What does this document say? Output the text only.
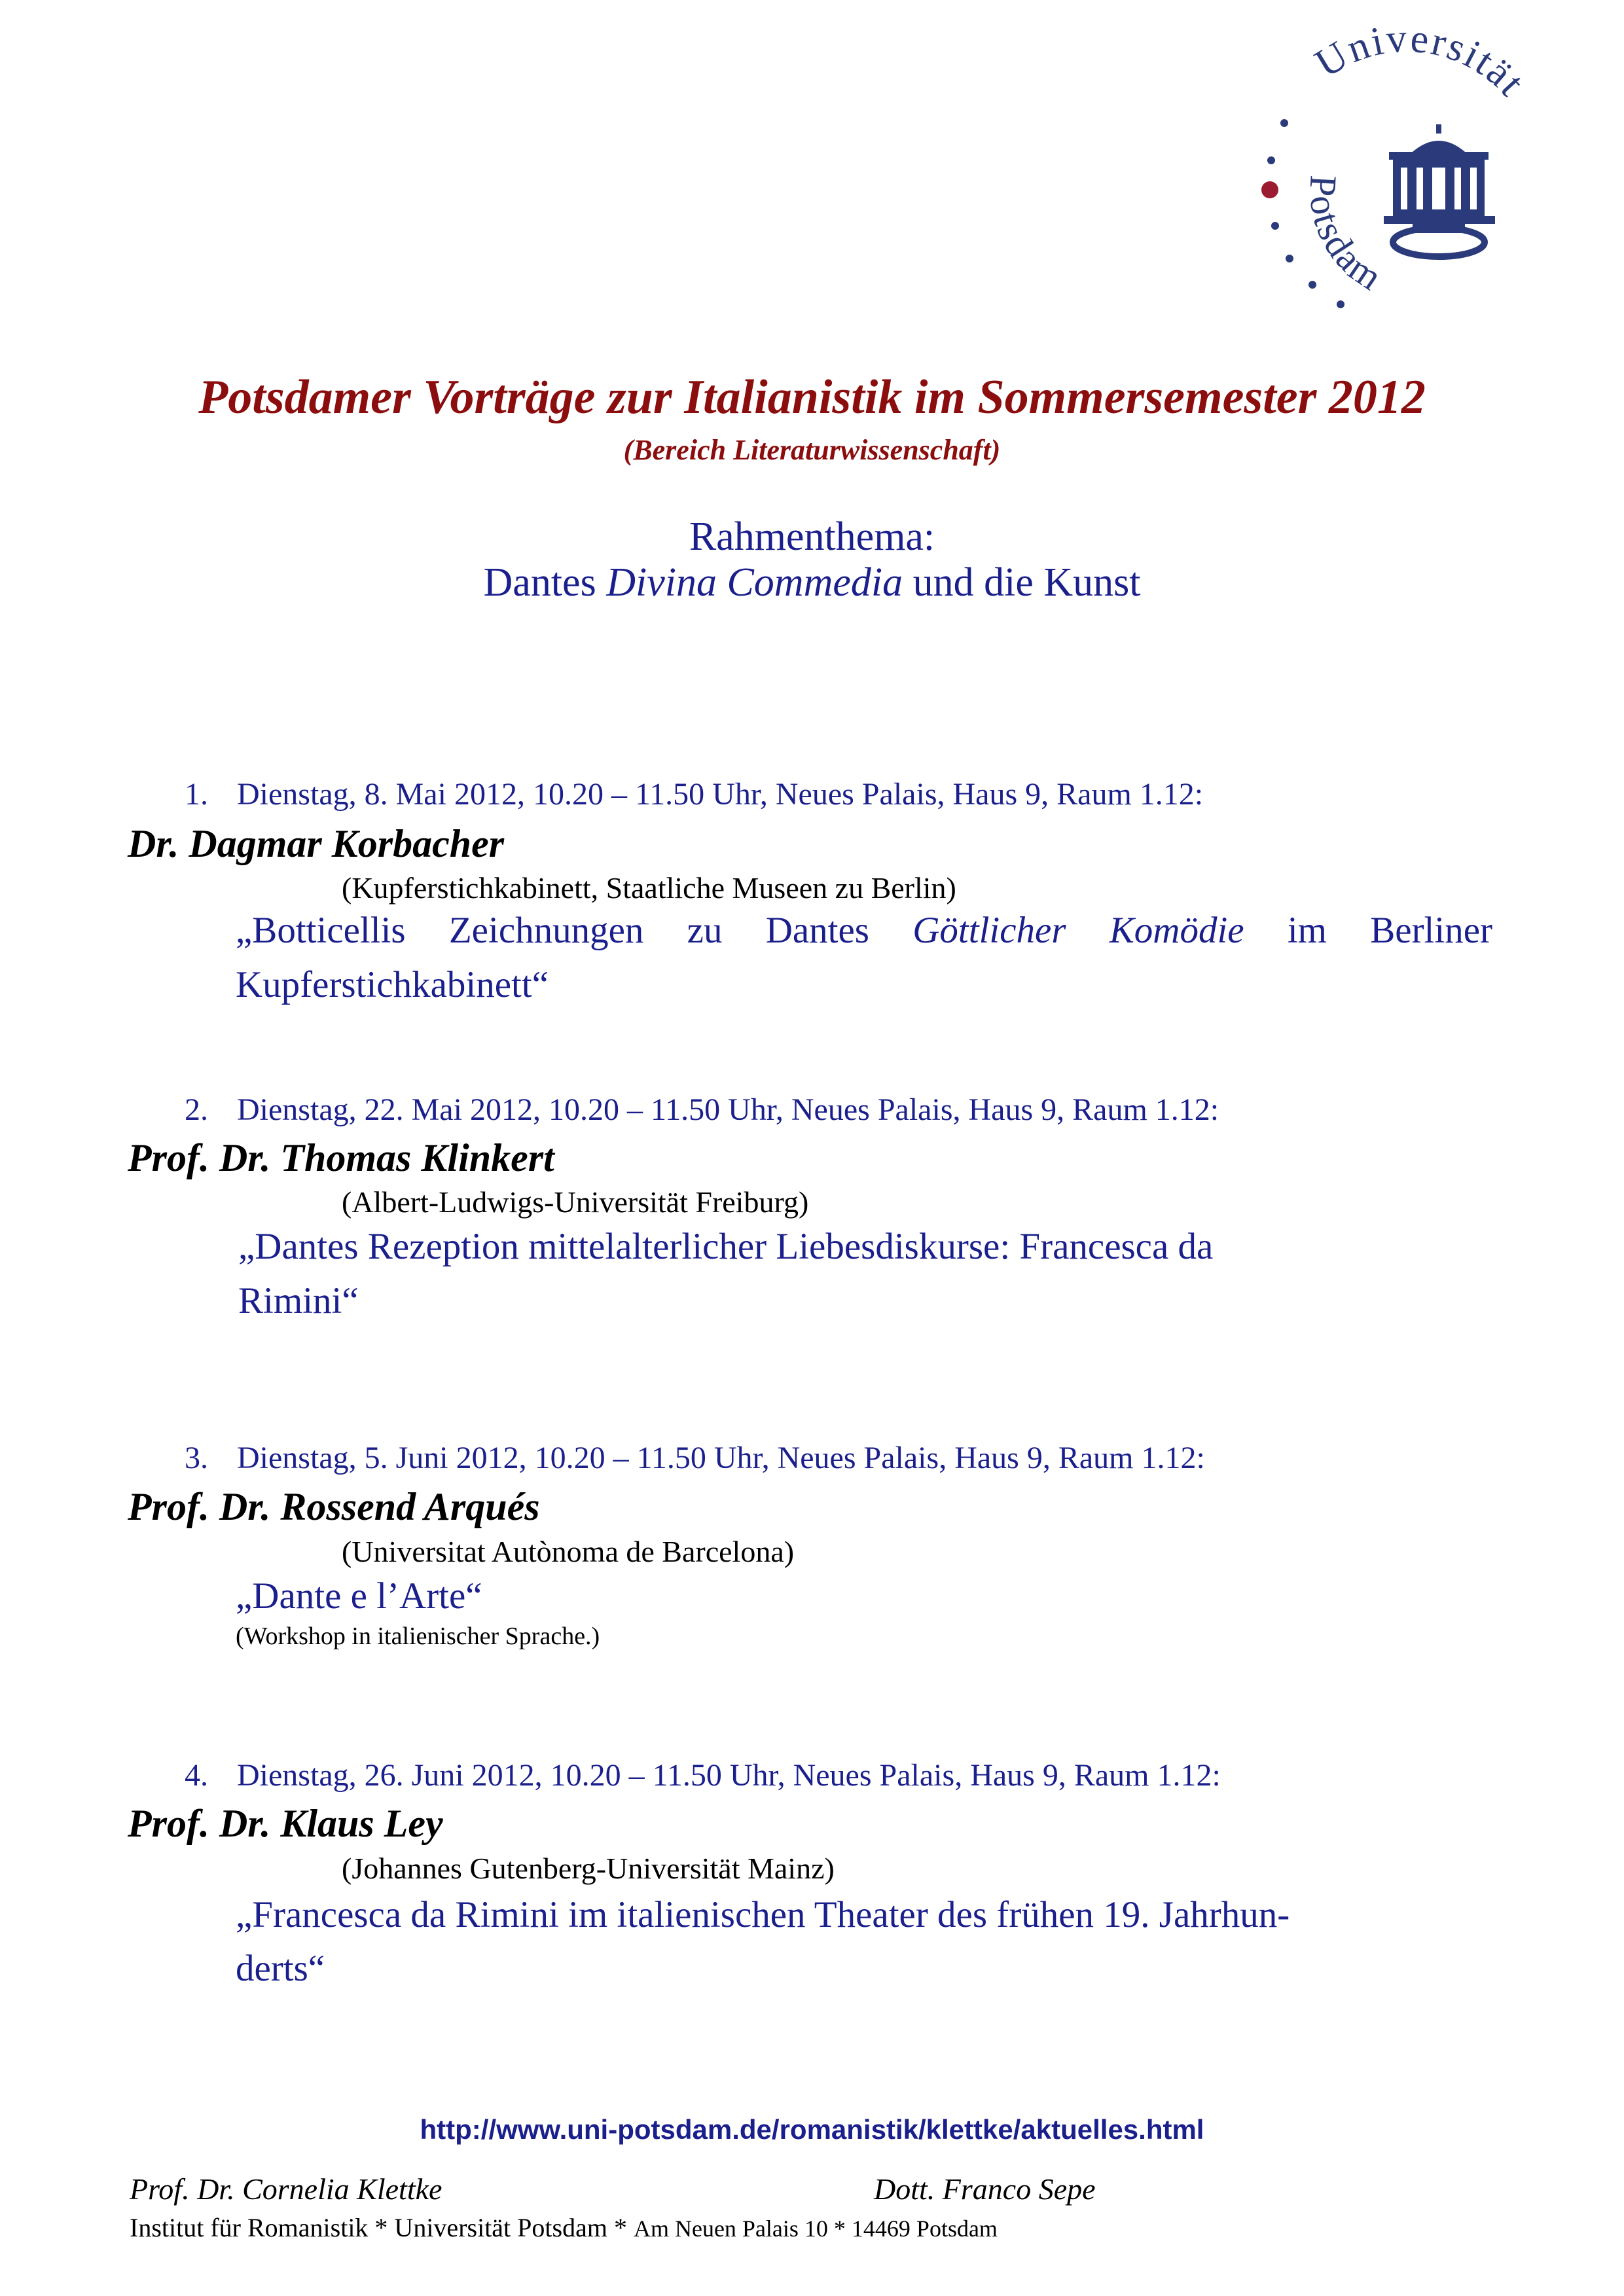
Universität
Potsdam
Potsdamer Vorträge zur Italianistik im Sommersemester 2012
(Bereich Literaturwissenschaft)
Rahmenthema:
Dantes Divina Commedia und die Kunst
1. Dienstag, 8. Mai 2012, 10.20 – 11.50 Uhr, Neues Palais, Haus 9, Raum 1.12:
Dr. Dagmar Korbacher
(Kupferstichkabinett, Staatliche Museen zu Berlin)
„Botticellis Zeichnungen zu Dantes Göttlicher Komödie im Berliner Kupferstichkabinett“
2. Dienstag, 22. Mai 2012, 10.20 – 11.50 Uhr, Neues Palais, Haus 9, Raum 1.12:
Prof. Dr. Thomas Klinkert
(Albert-Ludwigs-Universität Freiburg)
„Dantes Rezeption mittelalterlicher Liebesdiskurse: Francesca da
Rimini“
3. Dienstag, 5. Juni 2012, 10.20 – 11.50 Uhr, Neues Palais, Haus 9, Raum 1.12:
Prof. Dr. Rossend Arqués
(Universitat Autònoma de Barcelona)
„Dante e l’Arte“
(Workshop in italienischer Sprache.)
4. Dienstag, 26. Juni 2012, 10.20 – 11.50 Uhr, Neues Palais, Haus 9, Raum 1.12:
Prof. Dr. Klaus Ley
(Johannes Gutenberg-Universität Mainz)
„Francesca da Rimini im italienischen Theater des frühen 19. Jahrhun-
derts“
http://www.uni-potsdam.de/romanistik/klettke/aktuelles.html
Prof. Dr. Cornelia Klettke	Dott. Franco Sepe
Institut für Romanistik * Universität Potsdam * Am Neuen Palais 10 * 14469 Potsdam
